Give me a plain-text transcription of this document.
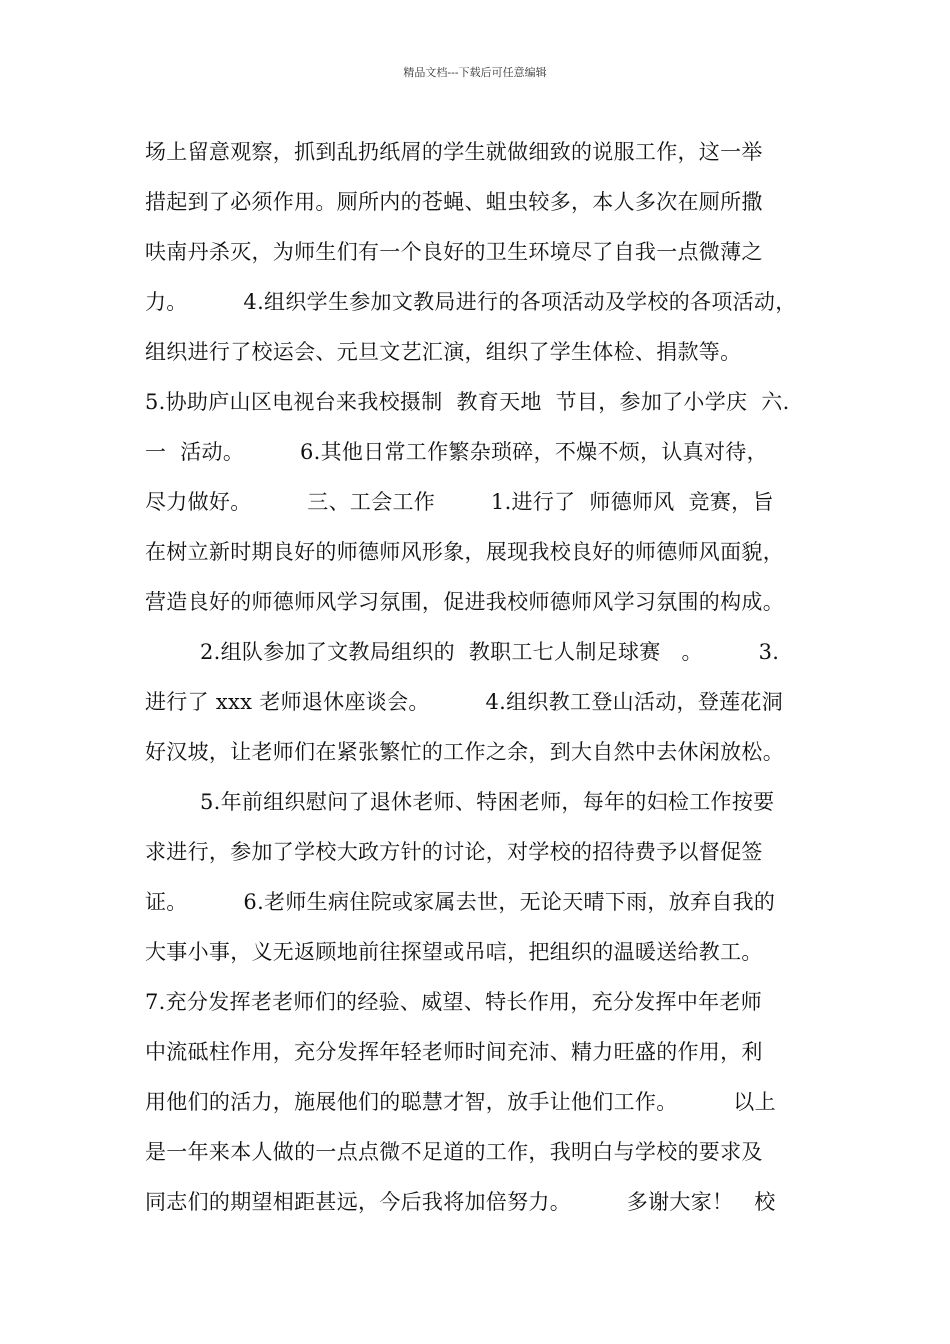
精品文档---下载后可任意编辑
场上留意观察，抓到乱扔纸屑的学生就做细致的说服工作，这一举
措起到了必须作用。厕所内的苍蝇、蛆虫较多，本人多次在厕所撒
呋南丹杀灭，为师生们有一个良好的卫生环境尽了自我一点微薄之
力。        4.组织学生参加文教局进行的各项活动及学校的各项活动，
组织进行了校运会、元旦文艺汇演，组织了学生体检、捐款等。
5.协助庐山区电视台来我校摄制  教育天地  节目，参加了小学庆  六.
一  活动。        6.其他日常工作繁杂琐碎，不燥不烦，认真对待，
尽力做好。        三、工会工作        1.进行了  师德师风  竞赛，旨
在树立新时期良好的师德师风形象，展现我校良好的师德师风面貌，
营造良好的师德师风学习氛围，促进我校师德师风学习氛围的构成。
2.组队参加了文教局组织的  教职工七人制足球赛   。        3.
进行了 xxx 老师退休座谈会。        4.组织教工登山活动，登莲花洞
好汉坡，让老师们在紧张繁忙的工作之余，到大自然中去休闲放松。
5.年前组织慰问了退休老师、特困老师，每年的妇检工作按要
求进行，参加了学校大政方针的讨论，对学校的招待费予以督促签
证。        6.老师生病住院或家属去世，无论天晴下雨，放弃自我的
大事小事，义无返顾地前往探望或吊唁，把组织的温暖送给教工。
7.充分发挥老老师们的经验、威望、特长作用，充分发挥中年老师
中流砥柱作用，充分发挥年轻老师时间充沛、精力旺盛的作用，利
用他们的活力，施展他们的聪慧才智，放手让他们工作。        以上
是一年来本人做的一点点微不足道的工作，我明白与学校的要求及
同志们的期望相距甚远，今后我将加倍努力。        多谢大家！   校
